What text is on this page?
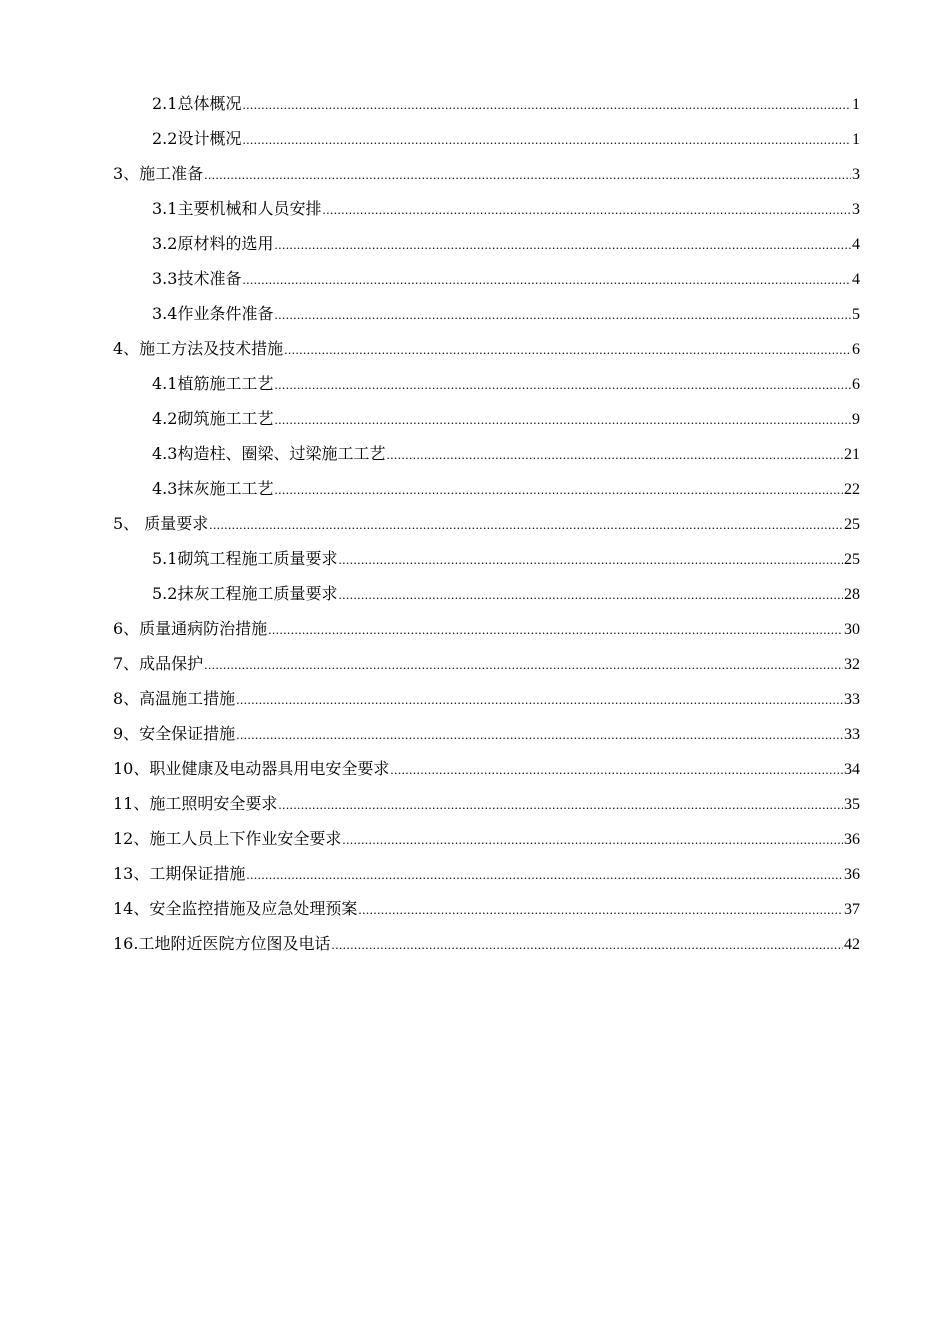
2.1总体概况 .....	1
2.2设计概况 .....	1
3、施工准备 .....	3
3.1主要机械和人员安排 .....	3
3.2原材料的选用 .....	4
3.3技术准备 .....	4
3.4作业条件准备 .....	5
4、施工方法及技术措施 .....	6
4.1植筋施工工艺 .....	6
4.2砌筑施工工艺 .....	9
4.3构造柱、圈梁、过梁施工工艺 .....	21
4.3抹灰施工工艺 .....	22
5、 质量要求 .....	25
5.1砌筑工程施工质量要求 .....	25
5.2抹灰工程施工质量要求 .....	28
6、质量通病防治措施 .....	30
7、成品保护 .....	32
8、高温施工措施 .....	33
9、安全保证措施 .....	33
10、职业健康及电动器具用电安全要求 .....	34
11、施工照明安全要求 .....	35
12、施工人员上下作业安全要求 .....	36
13、工期保证措施 .....	36
14、安全监控措施及应急处理预案 .....	37
16.工地附近医院方位图及电话 .....	42
